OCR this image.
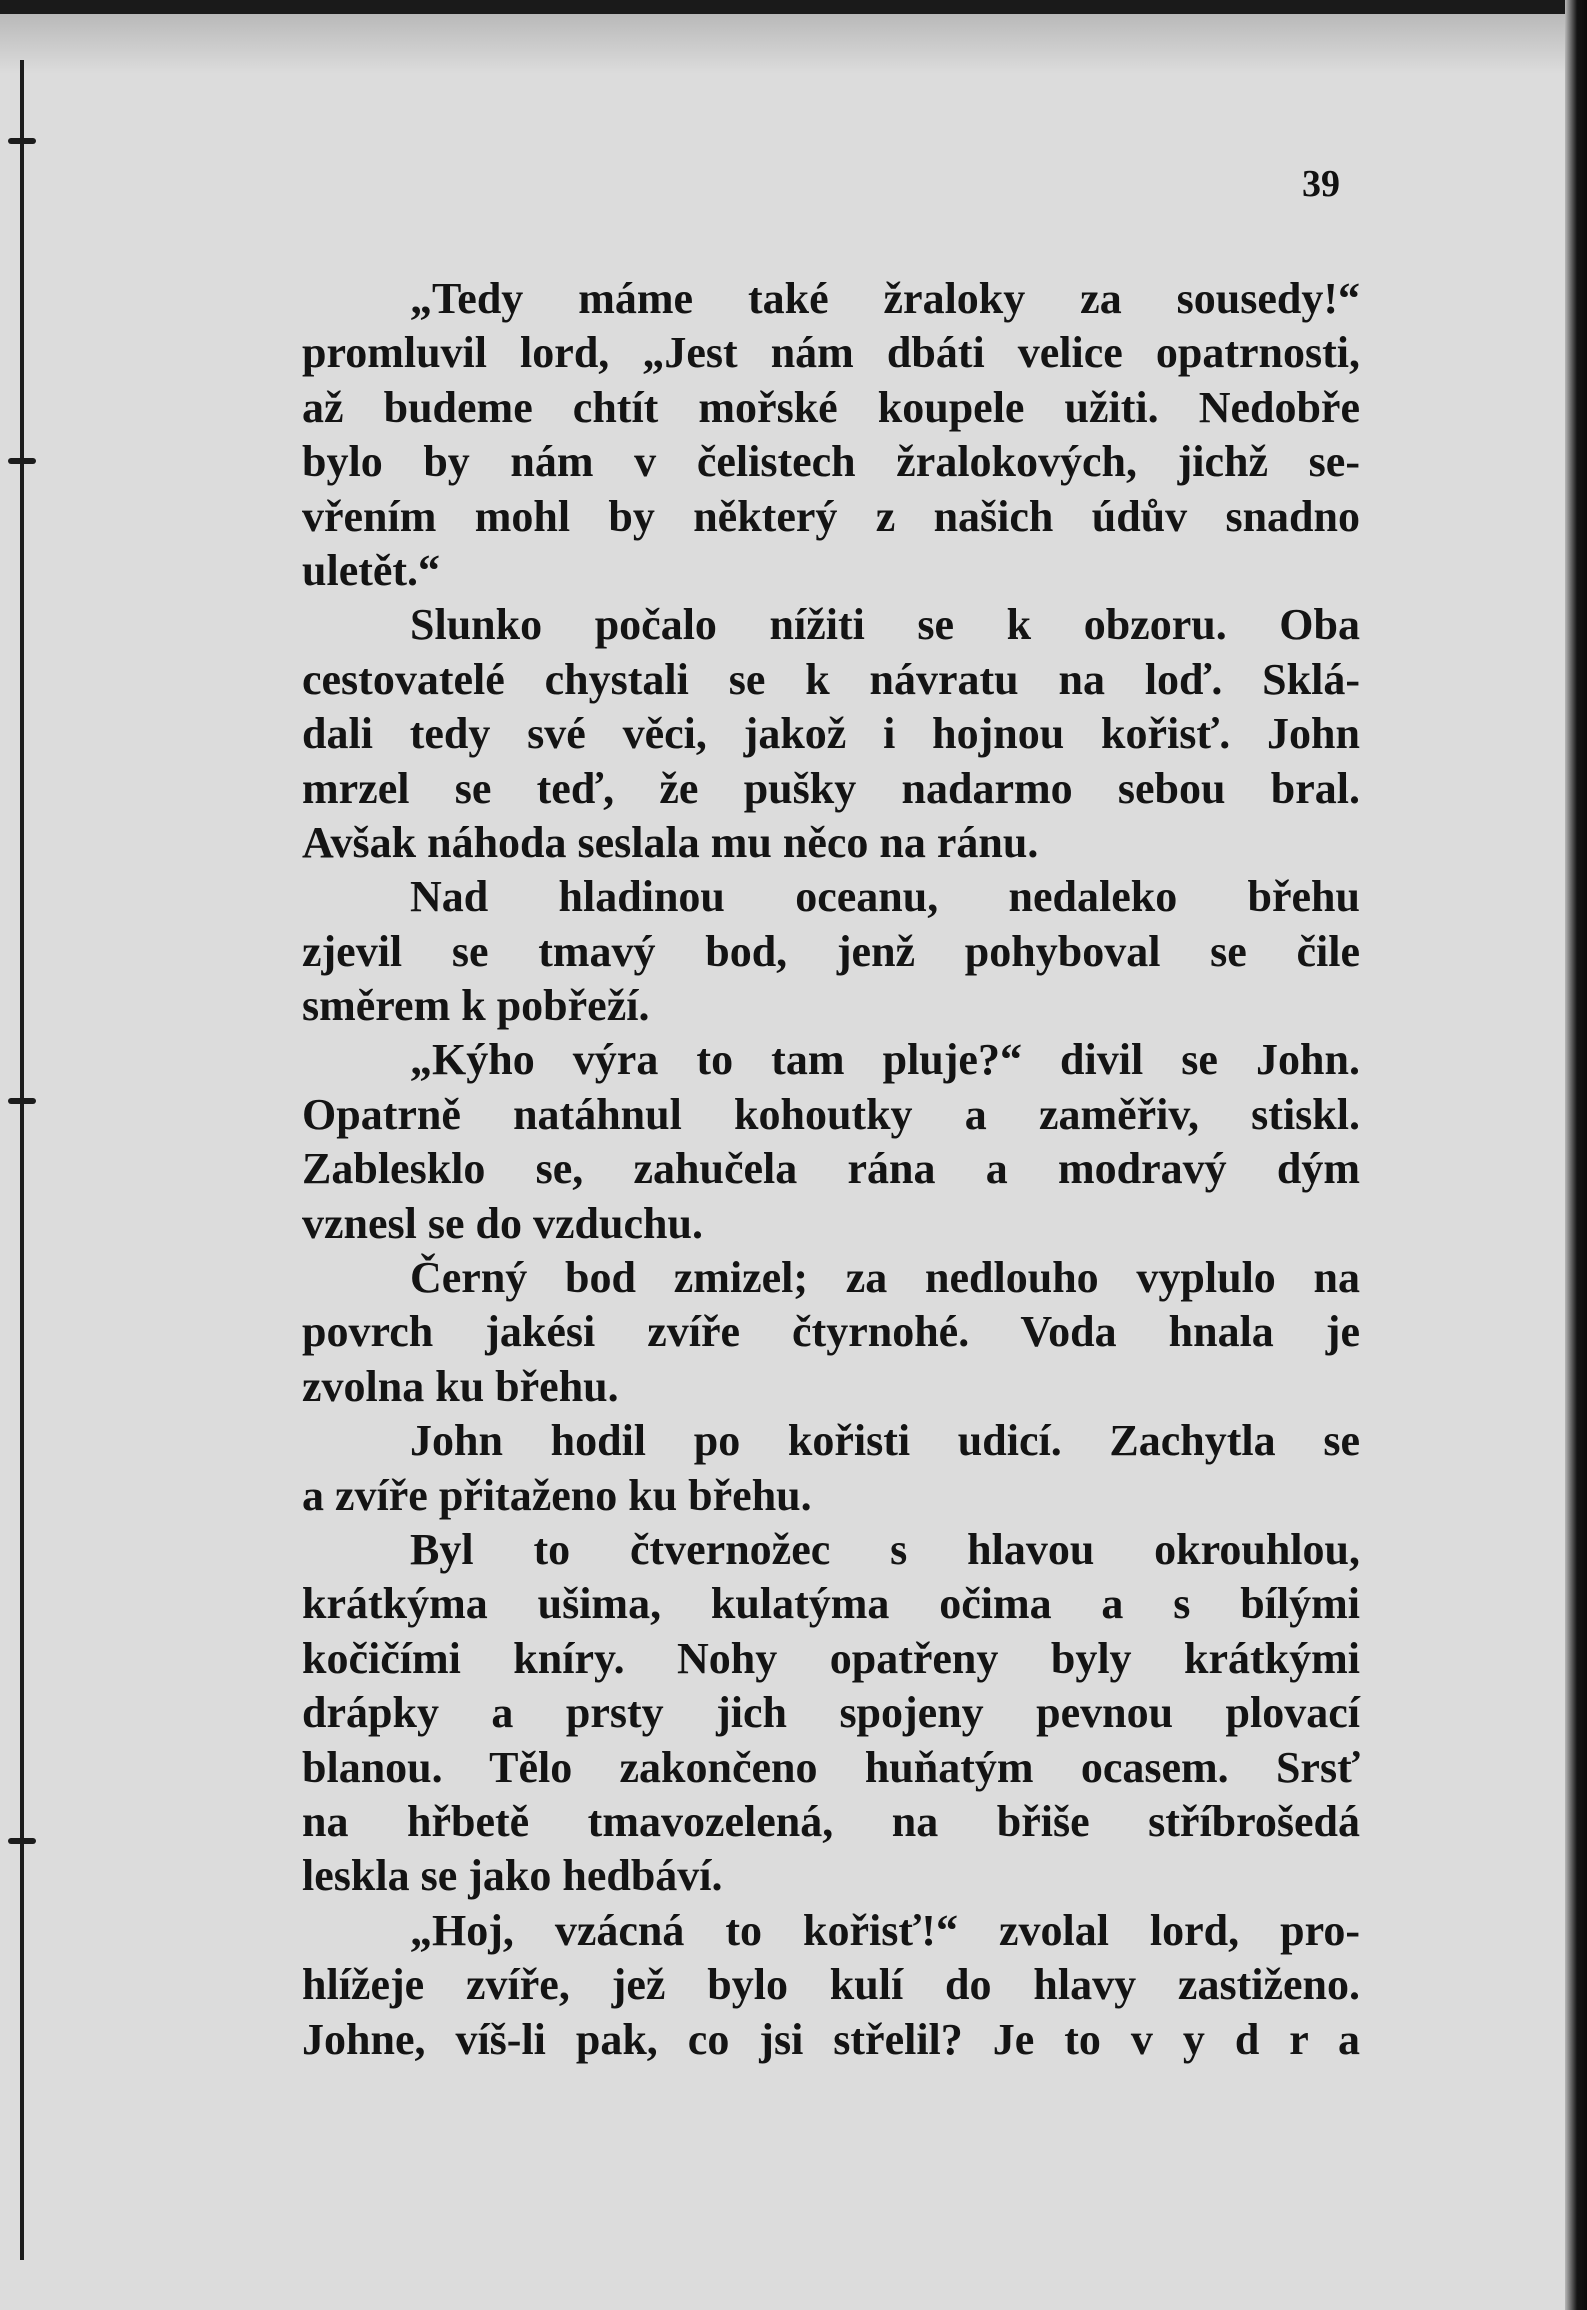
39

„Tedy máme také žraloky za sousedy!“
promluvil lord, „Jest nám dbáti velice opatrnosti,
až budeme chtít mořské koupele užiti. Nedobře
bylo by nám v čelistech žralokových, jichž se-
vřením mohl by některý z našich údův snadno
uletět.“
Slunko počalo nížiti se k obzoru. Oba
cestovatelé chystali se k návratu na loď. Sklá-
dali tedy své věci, jakož i hojnou kořisť. John
mrzel se teď, že pušky nadarmo sebou bral.
Avšak náhoda seslala mu něco na ránu.
Nad hladinou oceanu, nedaleko břehu
zjevil se tmavý bod, jenž pohyboval se čile
směrem k pobřeží.
„Kýho výra to tam pluje?“ divil se John.
Opatrně natáhnul kohoutky a zaměřiv, stiskl.
Zablesklo se, zahučela rána a modravý dým
vznesl se do vzduchu.
Černý bod zmizel; za nedlouho vyplulo na
povrch jakési zvíře čtyrnohé. Voda hnala je
zvolna ku břehu.
John hodil po kořisti udicí. Zachytla se
a zvíře přitaženo ku břehu.
Byl to čtvernožec s hlavou okrouhlou,
krátkýma ušima, kulatýma očima a s bílými
kočičími kníry. Nohy opatřeny byly krátkými
drápky a prsty jich spojeny pevnou plovací
blanou. Tělo zakončeno huňatým ocasem. Srsť
na hřbetě tmavozelená, na břiše stříbrošedá
leskla se jako hedbáví.
„Hoj, vzácná to kořisť!“ zvolal lord, pro-
hlížeje zvíře, jež bylo kulí do hlavy zastiženo.
Johne, víš-li pak, co jsi střelil? Je to v y d r a
